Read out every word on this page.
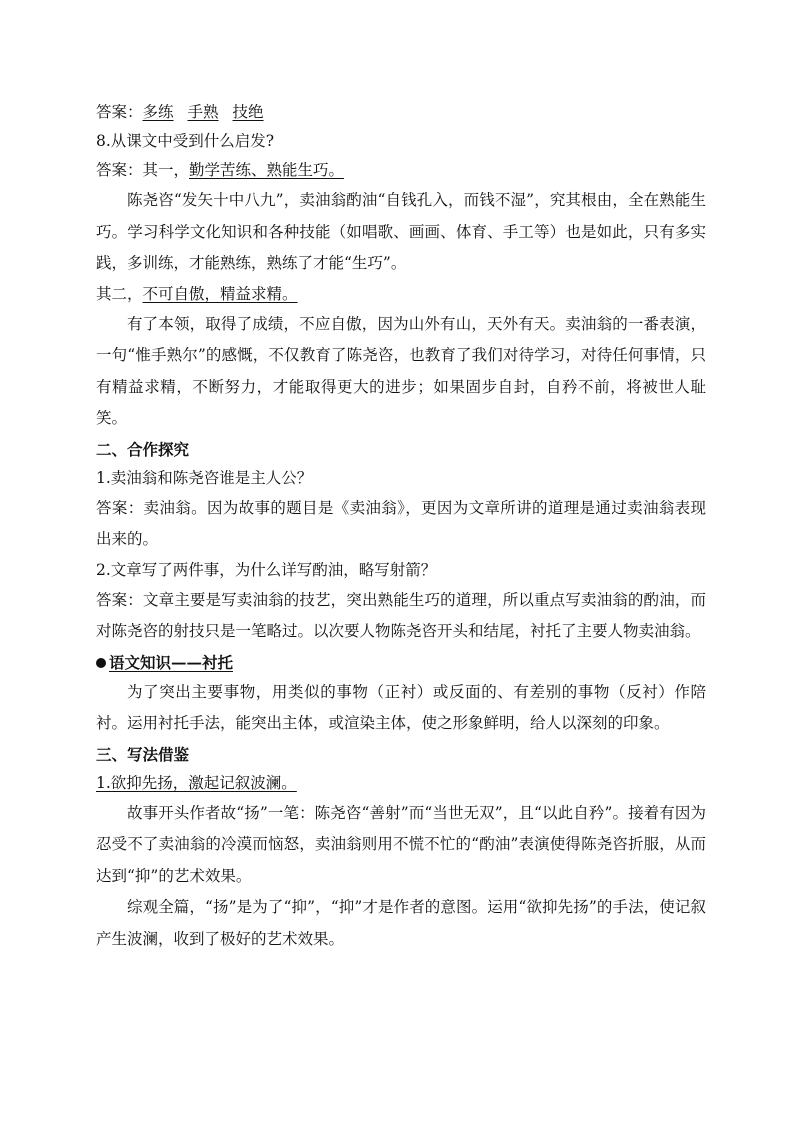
答案：多练 手熟 技绝
8.从课文中受到什么启发?
答案：其一，勤学苦练、熟能生巧。
陈尧咨“发矢十中八九”，卖油翁酌油“自钱孔入，而钱不湿”，究其根由，全在熟能生巧。学习科学文化知识和各种技能（如唱歌、画画、体育、手工等）也是如此，只有多实践，多训练，才能熟练，熟练了才能“生巧”。
其二，不可自傲，精益求精。
有了本领，取得了成绩，不应自傲，因为山外有山，天外有天。卖油翁的一番表演，一句“惟手熟尔”的感慨，不仅教育了陈尧咨，也教育了我们对待学习，对待任何事情，只有精益求精，不断努力，才能取得更大的进步；如果固步自封，自矜不前，将被世人耻笑。
二、合作探究
1.卖油翁和陈尧咨谁是主人公？
答案：卖油翁。因为故事的题目是《卖油翁》，更因为文章所讲的道理是通过卖油翁表现出来的。
2.文章写了两件事，为什么详写酌油，略写射箭？
答案：文章主要是写卖油翁的技艺，突出熟能生巧的道理，所以重点写卖油翁的酌油，而对陈尧咨的射技只是一笔略过。以次要人物陈尧咨开头和结尾，衬托了主要人物卖油翁。
语文知识——衬托
为了突出主要事物，用类似的事物（正衬）或反面的、有差别的事物（反衬）作陪衬。运用衬托手法，能突出主体，或渲染主体，使之形象鲜明，给人以深刻的印象。
三、写法借鉴
1.欲抑先扬，激起记叙波澜。
故事开头作者故“扬”一笔：陈尧咨“善射”而“当世无双”，且“以此自矜”。接着有因为忍受不了卖油翁的冷漠而恼怒，卖油翁则用不慌不忙的“酌油”表演使得陈尧咨折服，从而达到“抑”的艺术效果。
综观全篇，“扬”是为了“抑”，“抑”才是作者的意图。运用“欲抑先扬”的手法，使记叙产生波澜，收到了极好的艺术效果。
